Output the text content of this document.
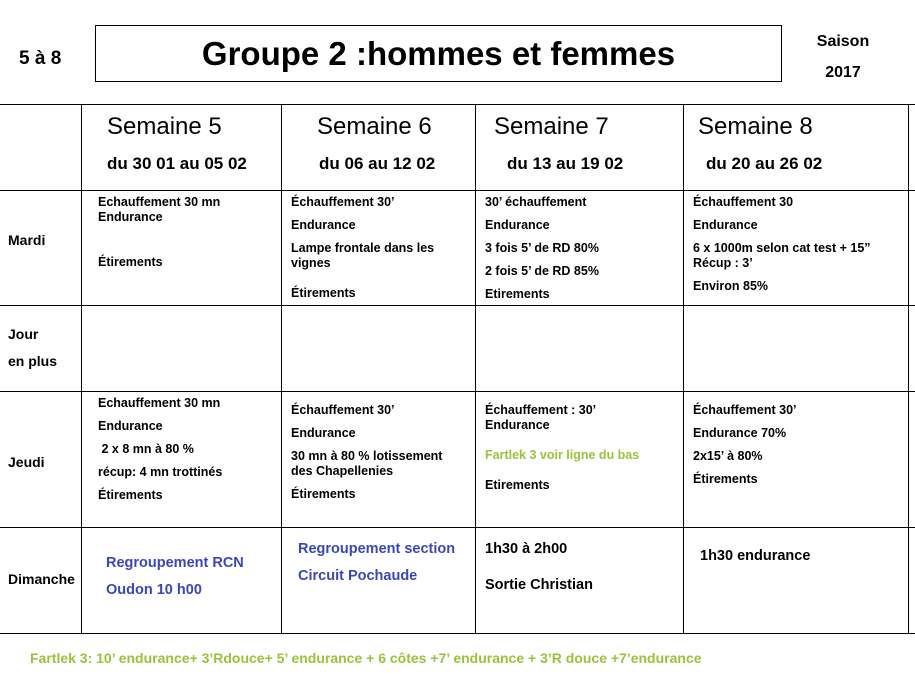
5 à 8	Groupe 2 :hommes et femmes	Saison
2017
Semaine 5
du 30 01 au 05 02
Semaine 6
du 06 au 12 02
Semaine 7
du 13 au 19 02
Semaine 8
du 20 au 26 02
Mardi
Jour
en plus
Jeudi
Dimanche
Echauffement 30 mn
Endurance
Étirements
Échauffement 30’
Endurance
Lampe frontale dans les
vignes
Étirements
30’ échauffement
Endurance
3 fois 5’ de RD 80%
2 fois 5’ de RD 85%
Etirements
Échauffement 30
Endurance
6 x 1000m selon cat test + 15”
Récup : 3’
Environ 85%
Echauffement 30 mn
Endurance
2 x 8 mn à 80 %
récup: 4 mn trottinés
Étirements
Échauffement 30’
Endurance
30 mn à 80 % lotissement
des Chapellenies
Étirements
Échauffement : 30’
Endurance
Fartlek 3 voir ligne du bas
Etirements
Échauffement 30’
Endurance 70%
2x15’ à 80%
Étirements
Regroupement RCN
Oudon 10 h00
Regroupement section
Circuit Pochaude
1h30 à 2h00
Sortie Christian
1h30 endurance
Fartlek 3: 10’ endurance+ 3’Rdouce+ 5’ endurance + 6 côtes +7’ endurance + 3’R douce +7’endurance
